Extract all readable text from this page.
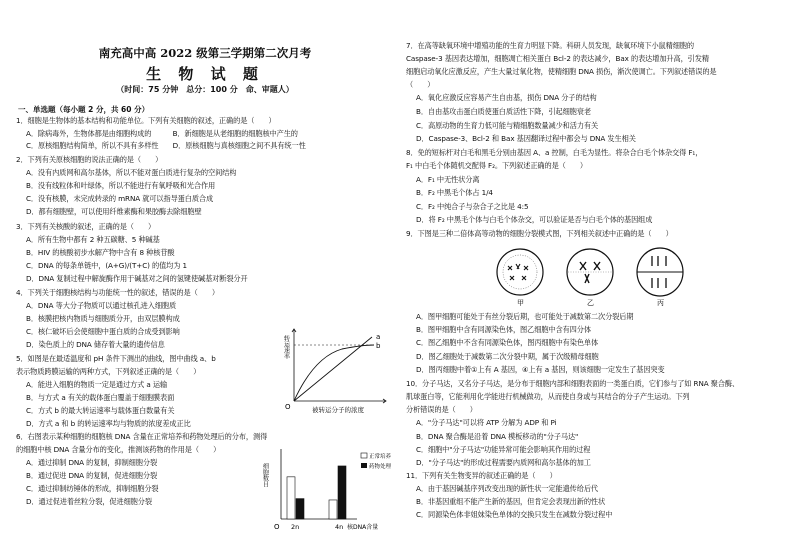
南充高中高 2022 级第三学期第二次月考
生 物 试 题
（时间：75 分钟　总分：100 分　命、审题人）
一、单选题（每小题 2 分，共 60 分）
1．细胞是生物体的基本结构和功能单位。下列有关细胞的叙述，正确的是（　　）
A．除病毒外，生物体都是由细胞构成的　　　B．新细胞是从老细胞的细胞核中产生的
C．原核细胞结构简单，所以不具有多样性　　D．原核细胞与真核细胞之间不具有统一性
2．下列有关原核细胞的说法正确的是（　　）
A．没有内质网和高尔基体，所以不能对蛋白质进行复杂的空间结构
B．没有线粒体和叶绿体，所以不能进行有氧呼吸和光合作用
C．没有核膜，未完成转录的 mRNA 就可以指导蛋白质合成
D．都有细胞壁，可以使用纤维素酶和果胶酶去除细胞壁
3．下列有关核酸的叙述，正确的是（　　）
A．所有生物中都有 2 种五碳糖、5 种碱基
B．HIV 的核酸初步水解产物中含有 8 种核苷酸
C．DNA 的每条单链中，(A+G)/(T+C) 的值均为 1
D．DNA 复制过程中解旋酶作用于碱基对之间的氢键使碱基对断裂分开
4．下列关于细胞核结构与功能统一性的叙述，错误的是（　　）
A．DNA 等大分子物质可以通过核孔进入细胞质
B．核膜把核内物质与细胞质分开，由双层膜构成
C．核仁破坏后会使细胞中蛋白质的合成受到影响
D．染色质上的 DNA 储存着大量的遗传信息
5．如图是在最适温度和 pH 条件下测出的曲线，图中曲线 a、b
表示物质跨膜运输的两种方式，下列叙述正确的是（　　）
A．能进入细胞的物质一定是通过方式 a 运输
B．与方式 a 有关的载体蛋白覆盖于细胞膜表面
C．方式 b 的最大转运速率与载体蛋白数量有关
D．方式 a 和 b 的转运速率均与物质的浓度差成正比
6．右图表示某种细胞的细胞核 DNA 含量在正常培养和药物处理后的分布，测得
的细胞中核 DNA 含量分布的变化，推测该药物的作用是（　　）
A．通过抑制 DNA 的复制，抑制细胞分裂
B．通过促进 DNA 的复制，促进细胞分裂
C．通过抑制纺锤体的形成，抑制细胞分裂
D．通过促进着丝粒分裂，促进细胞分裂
a
b
O	被转运分子的浓度
转运速率
细胞数目
O 2n	4n 核DNA含量
正常培养
药物处理
7．在高等缺氧环境中增殖功能的生育力明显下降。科研人员发现，缺氧环境下小鼠精细胞的
Caspase-3 基因表达增加，细胞凋亡相关蛋白 Bcl-2 的表达减少，Bax 的表达增加升高，引发精
细胞启动氧化应激反应，产生大量过氧化物，使精细胞 DNA 损伤，渐次使调亡。下列叙述错误的是
（　　）
A．氧化应激反应容易产生自由基，损伤 DNA 分子的结构
B．自由基攻击蛋白质使蛋白质活性下降，引起细胞衰老
C．高原动物的生育力低可能与精细胞数量减少和活力有关
D．Caspase-3、Bcl-2 和 Bax 基因翻译过程中都会与 DNA 发生相关
8．免的短标杆对白毛和黑毛分别由基因 A、a 控制，白毛为显性。将杂合白毛个体杂交得 F₁，
F₁ 中白毛个体随机交配得 F₂。下列叙述正确的是（　　）
A．F₁ 中无性状分离
B．F₂ 中黑毛个体占 1/4
C．F₂ 中纯合子与杂合子之比是 4:5
D．将 F₂ 中黑毛个体与白毛个体杂交，可以验证是否与白毛个体的基因组成
9．下图是三种二倍体高等动物的细胞分裂模式图，下列相关叙述中正确的是（　　）
A．图甲细胞可能处于有丝分裂后期，也可能处于减数第二次分裂后期
B．图甲细胞中含有同源染色体，图乙细胞中含有四分体
C．图乙细胞中不含有同源染色体，图丙细胞中有染色单体
D．图乙细胞处于减数第二次分裂中期，属于次级精母细胞
D．图丙细胞中着①上有 A 基因，④上有 a 基因，则该细胞一定发生了基因突变
10．分子马达，又名分子马达，是分布于细胞内部和细胞表面的一类蛋白质，它们参与了如 RNA 聚合酶、
肌球蛋白等，它能利用化学能进行机械做功，从而使自身或与其结合的分子产生运动。下列
分析错误的是（　　）
A．"分子马达"可以将 ATP 分解为 ADP 和 Pi
B．DNA 聚合酶是沿着 DNA 模板移动的"分子马达"
C．细胞中"分子马达"功能异常可能会影响其作用的过程
D．"分子马达"的形成过程需要内质网和高尔基体的加工
11．下列有关生物变异的叙述正确的是（　　）
A．由于基因碱基序列改变出现的新性状一定能遗传给后代
B．非基因重组不能产生新的基因，但肯定会表现出新的性状
C．同源染色体非姐妹染色单体的交换只发生在减数分裂过程中
甲	乙	丙
